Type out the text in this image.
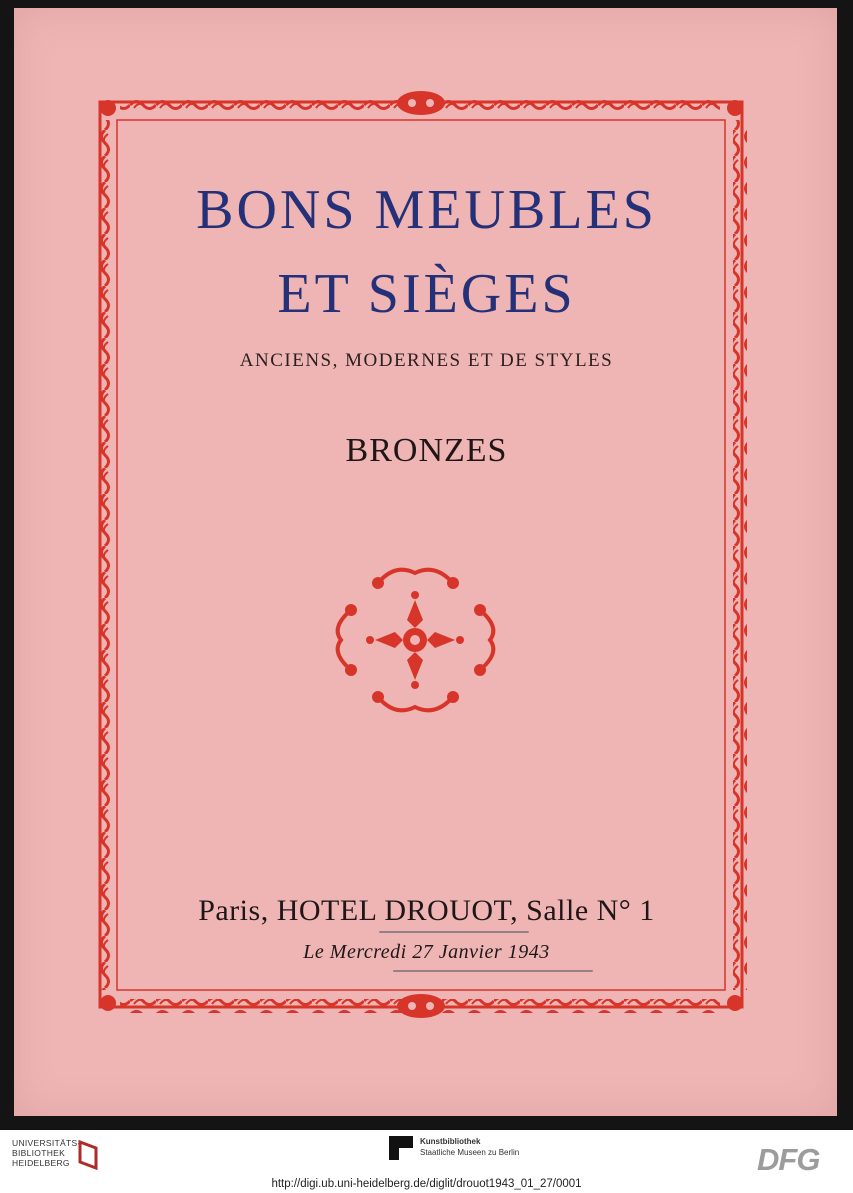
BONS MEUBLES
ET SIÈGES
ANCIENS, MODERNES ET DE STYLES
BRONZES
Paris, HOTEL DROUOT, Salle N° 1
Le Mercredi 27 Janvier 1943
UNIVERSITÄTS-
BIBLIOTHEK
HEIDELBERG
Kunstbibliothek
Staatliche Museen zu Berlin	DFG
http://digi.ub.uni-heidelberg.de/diglit/drouot1943_01_27/0001
